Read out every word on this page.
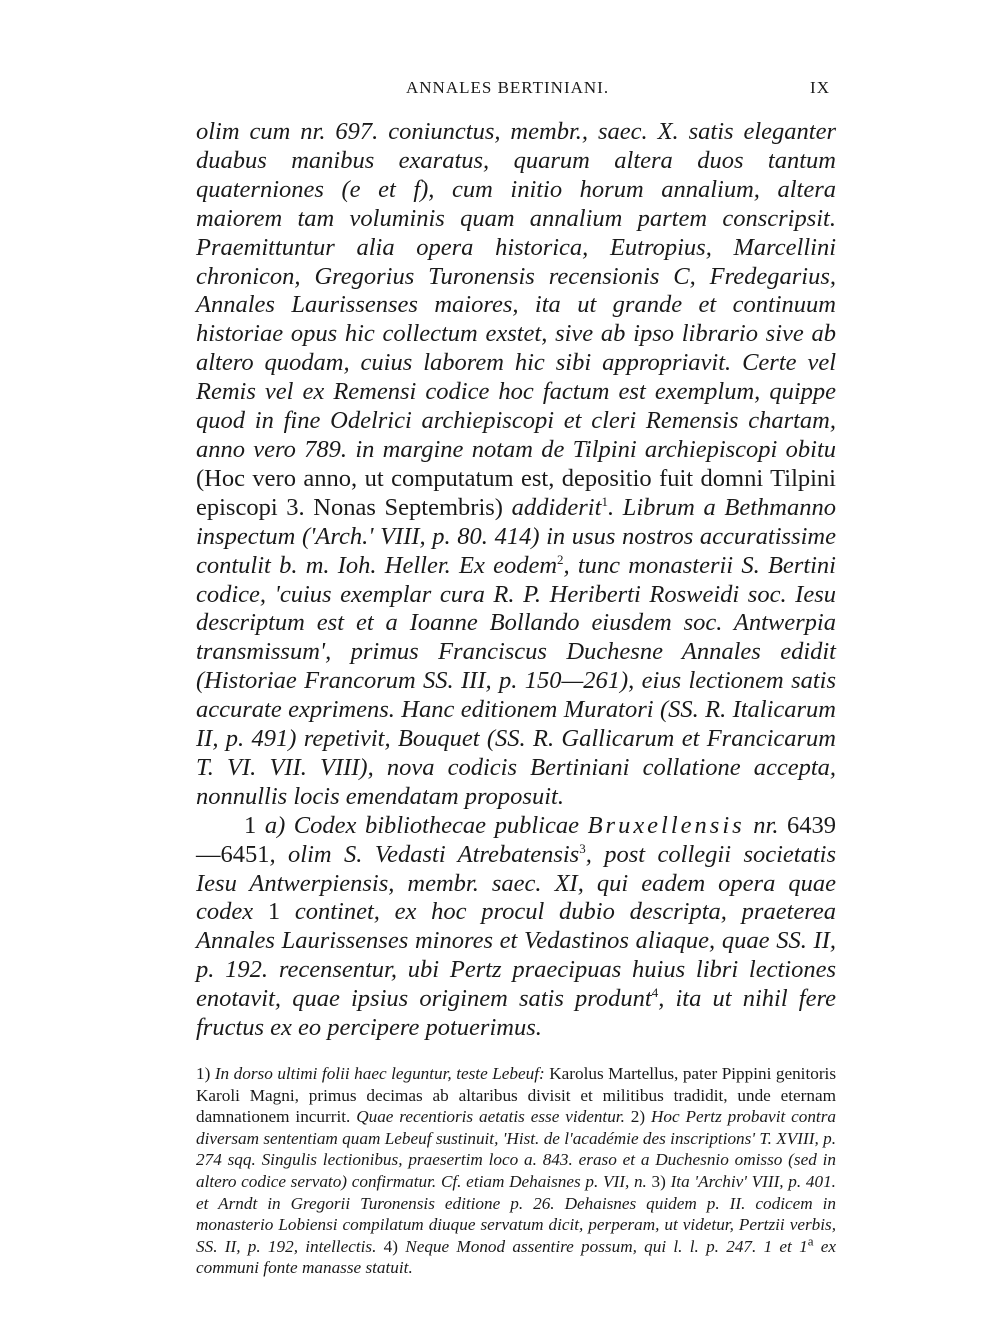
ANNALES BERTINIANI.	IX

olim cum nr. 697. coniunctus, membr., saec. X. satis eleganter duabus manibus exaratus, quarum altera duos tantum quaterniones (e et f), cum initio horum annalium, altera maiorem tam voluminis quam annalium partem conscripsit. Praemittuntur alia opera historica, Eutropius, Marcellini chronicon, Gregorius Turonensis recensionis C, Fredegarius, Annales Laurissenses maiores, ita ut grande et continuum historiae opus hic collectum exstet, sive ab ipso librario sive ab altero quodam, cuius laborem hic sibi appropriavit. Certe vel Remis vel ex Remensi codice hoc factum est exemplum, quippe quod in fine Odelrici archiepiscopi et cleri Remensis chartam, anno vero 789. in margine notam de Tilpini archiepiscopi obitu (Hoc vero anno, ut computatum est, depositio fuit domni Tilpini episcopi 3. Nonas Septembris) addiderit$^1$. Librum a Bethmanno inspectum ('Arch.' VIII, p. 80. 414) in usus nostros accuratissime contulit b. m. Ioh. Heller. Ex eodem$^2$, tunc monasterii S. Bertini codice, 'cuius exemplar cura R. P. Heriberti Rosweidi soc. Iesu descriptum est et a Ioanne Bollando eiusdem soc. Antwerpia transmissum', primus Franciscus Duchesne Annales edidit (Historiae Francorum SS. III, p. 150—261), eius lectionem satis accurate exprimens. Hanc editionem Muratori (SS. R. Italicarum II, p. 491) repetivit, Bouquet (SS. R. Gallicarum et Francicarum T. VI. VII. VIII), nova codicis Bertiniani collatione accepta, nonnullis locis emendatam proposuit.

1 a) Codex bibliothecae publicae Bruxellensis nr. 6439—6451, olim S. Vedasti Atrebatensis$^3$, post collegii societatis Iesu Antwerpiensis, membr. saec. XI, qui eadem opera quae codex 1 continet, ex hoc procul dubio descripta, praeterea Annales Laurissenses minores et Vedastinos aliaque, quae SS. II, p. 192. recensentur, ubi Pertz praecipuas huius libri lectiones enotavit, quae ipsius originem satis produnt$^4$, ita ut nihil fere fructus ex eo percipere potuerimus.

1) In dorso ultimi folii haec leguntur, teste Lebeuf: Karolus Martellus, pater Pippini genitoris Karoli Magni, primus decimas ab altaribus divisit et militibus tradidit, unde eternam damnationem incurrit. Quae recentioris aetatis esse videntur. 2) Hoc Pertz probavit contra diversam sententiam quam Lebeuf sustinuit, 'Hist. de l'académie des inscriptions' T. XVIII, p. 274 sqq. Singulis lectionibus, praesertim loco a. 843. eraso et a Duchesnio omisso (sed in altero codice servato) confirmatur. Cf. etiam Dehaisnes p. VII, n. 3) Ita 'Archiv' VIII, p. 401. et Arndt in Gregorii Turonensis editione p. 26. Dehaisnes quidem p. II. codicem in monasterio Lobiensi compilatum diuque servatum dicit, perperam, ut videtur, Pertzii verbis, SS. II, p. 192, intellectis. 4) Neque Monod assentire possum, qui l. l. p. 247. 1 et 1$^a$ ex communi fonte manasse statuit.
